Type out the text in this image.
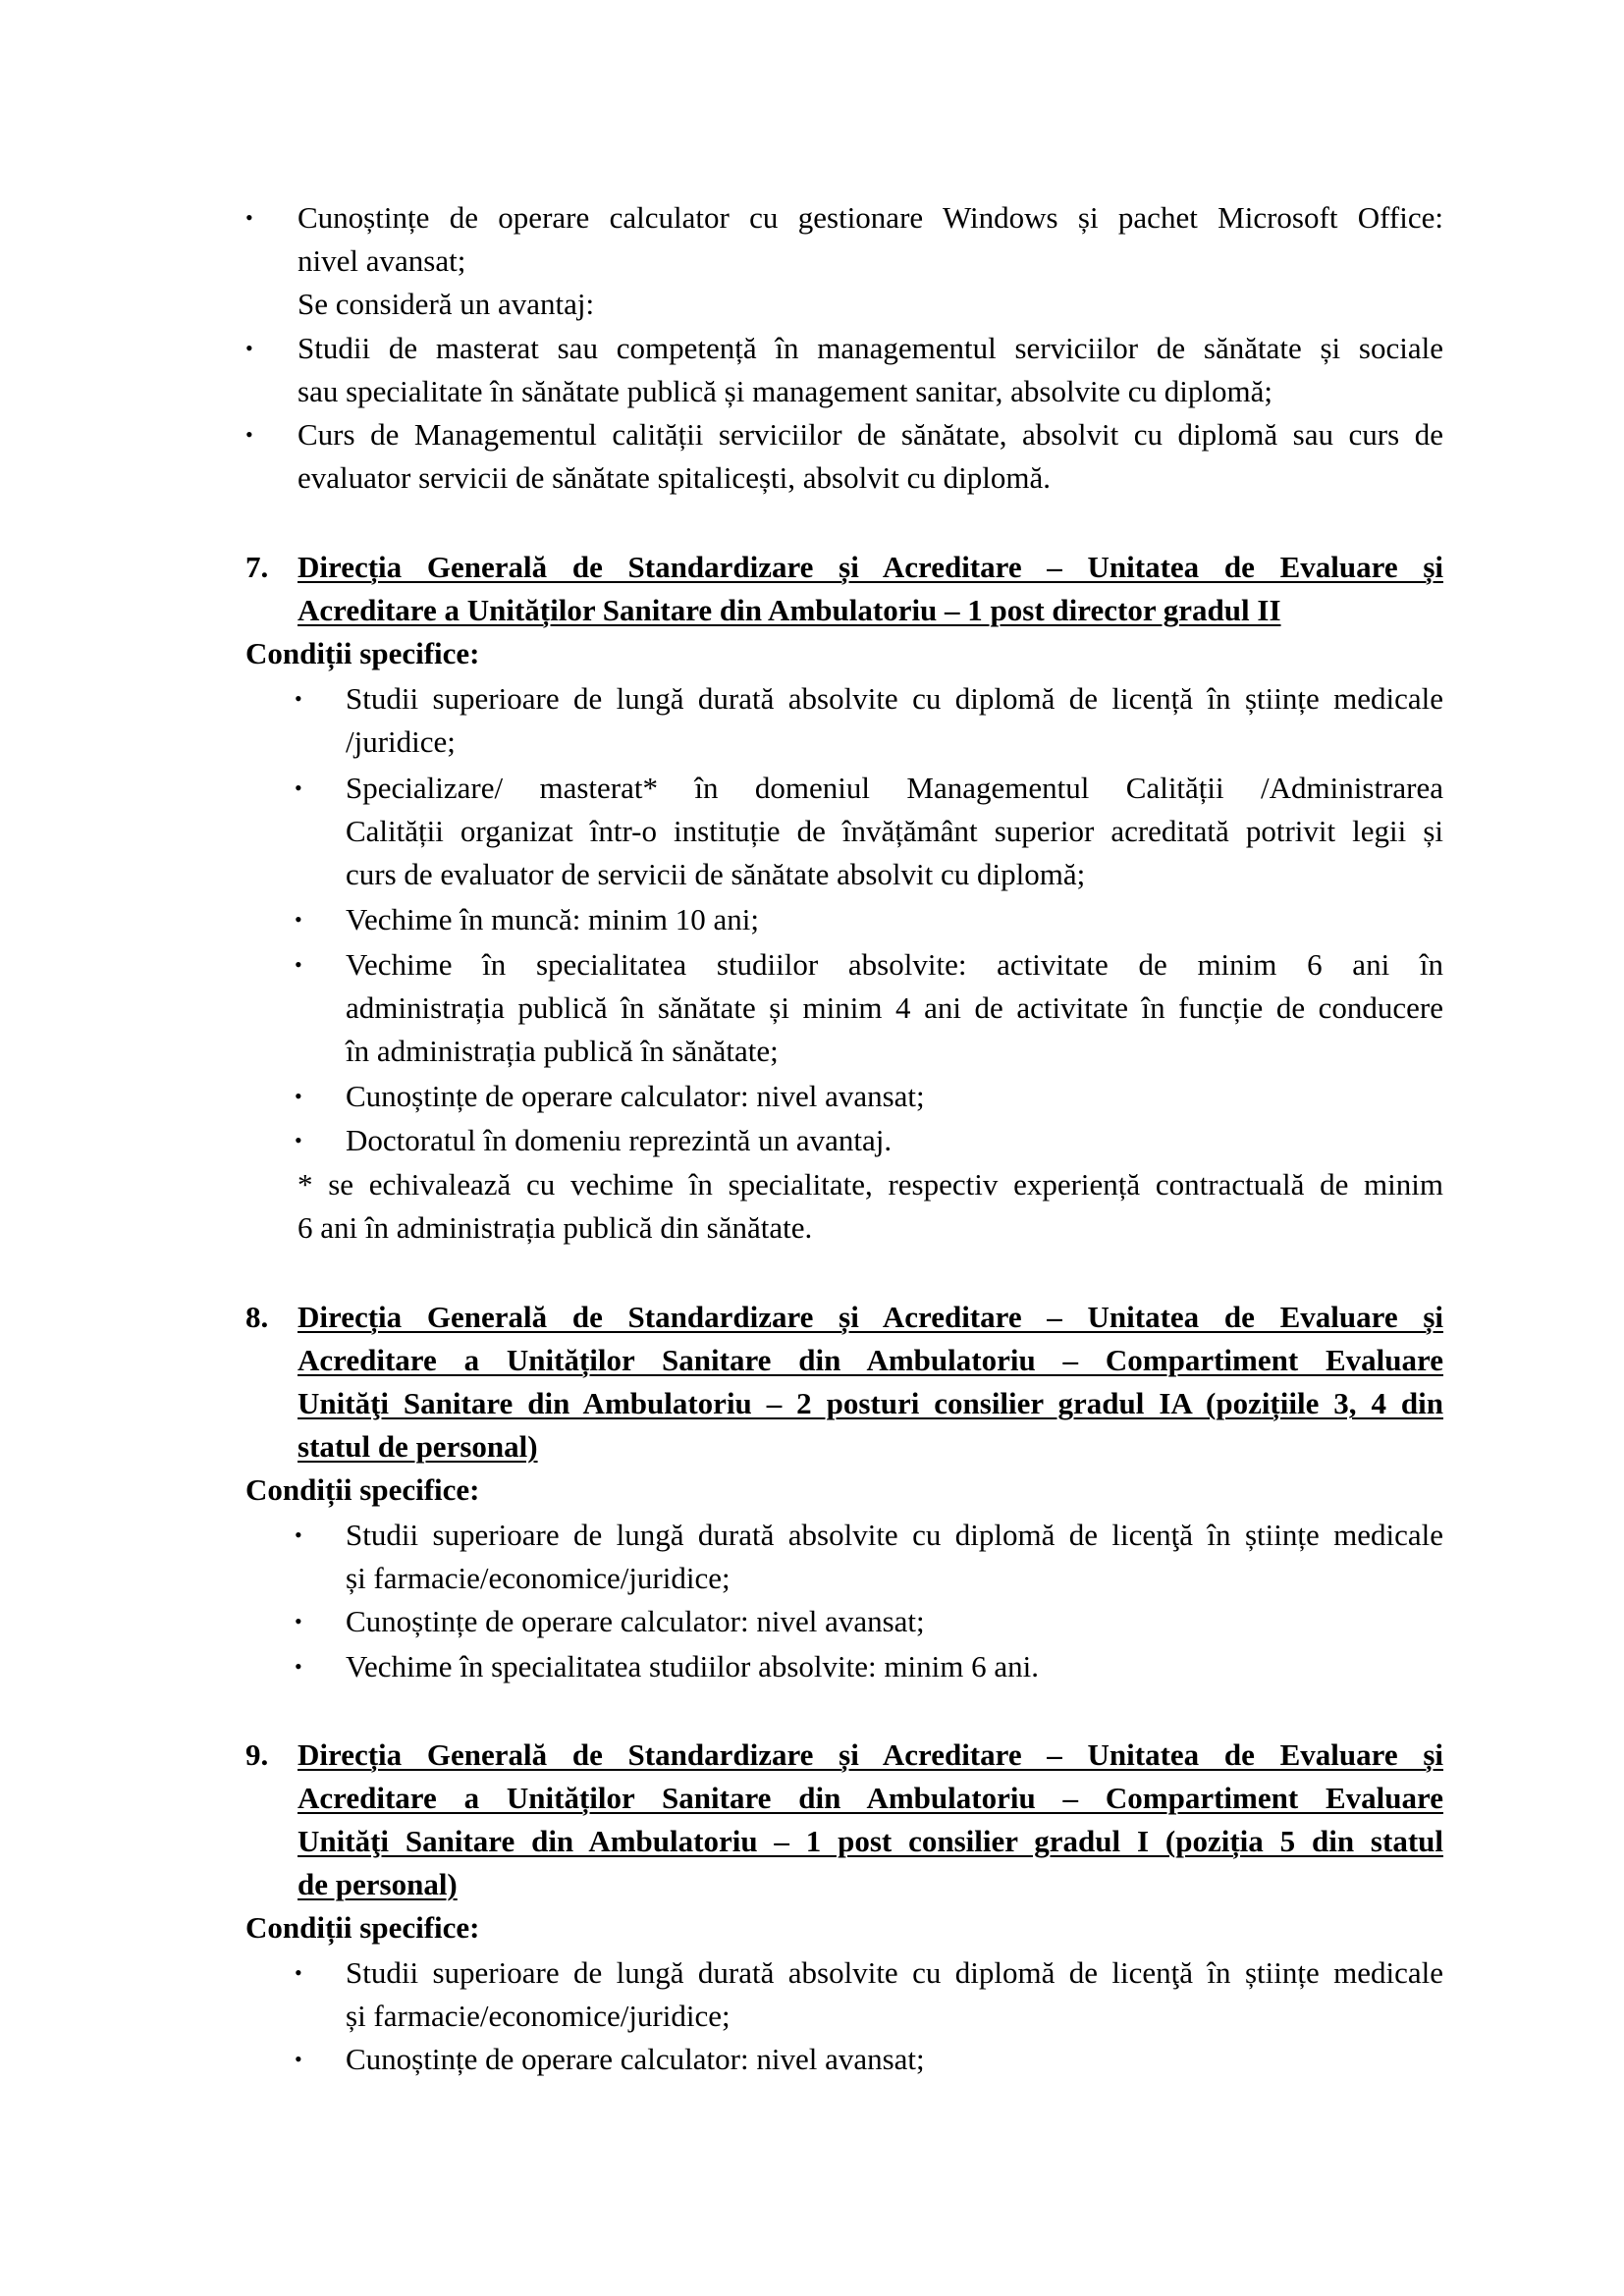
• Cunoștințe de operare calculator cu gestionare Windows și pachet Microsoft Office:
nivel avansat;
Se consideră un avantaj:
• Studii de masterat sau competență în managementul serviciilor de sănătate și sociale
sau specialitate în sănătate publică și management sanitar, absolvite cu diplomă;
• Curs de Managementul calității serviciilor de sănătate, absolvit cu diplomă sau curs de
evaluator servicii de sănătate spitalicești, absolvit cu diplomă.
7. Direcția Generală de Standardizare și Acreditare – Unitatea de Evaluare și
Acreditare a Unităților Sanitare din Ambulatoriu – 1 post director gradul II
Condiții specifice:
• Studii superioare de lungă durată absolvite cu diplomă de licență în științe medicale
/juridice;
• Specializare/ masterat* în domeniul Managementul Calității /Administrarea
Calității organizat într-o instituție de învățământ superior acreditată potrivit legii și
curs de evaluator de servicii de sănătate absolvit cu diplomă;
• Vechime în muncă: minim 10 ani;
• Vechime în specialitatea studiilor absolvite: activitate de minim 6 ani în
administrația publică în sănătate și minim 4 ani de activitate în funcție de conducere
în administrația publică în sănătate;
• Cunoștințe de operare calculator: nivel avansat;
• Doctoratul în domeniu reprezintă un avantaj.
* se echivalează cu vechime în specialitate, respectiv experiență contractuală de minim
6 ani în administrația publică din sănătate.
8. Direcția Generală de Standardizare și Acreditare – Unitatea de Evaluare și
Acreditare a Unităților Sanitare din Ambulatoriu – Compartiment Evaluare
Unităţi Sanitare din Ambulatoriu – 2 posturi consilier gradul IA (pozițiile 3, 4 din
statul de personal)
Condiții specifice:
• Studii superioare de lungă durată absolvite cu diplomă de licenţă în științe medicale
și farmacie/economice/juridice;
• Cunoștințe de operare calculator: nivel avansat;
• Vechime în specialitatea studiilor absolvite: minim 6 ani.
9. Direcția Generală de Standardizare și Acreditare – Unitatea de Evaluare și
Acreditare a Unităților Sanitare din Ambulatoriu – Compartiment Evaluare
Unităţi Sanitare din Ambulatoriu – 1 post consilier gradul I (poziția 5 din statul
de personal)
Condiții specifice:
• Studii superioare de lungă durată absolvite cu diplomă de licenţă în științe medicale
și farmacie/economice/juridice;
• Cunoștințe de operare calculator: nivel avansat;
